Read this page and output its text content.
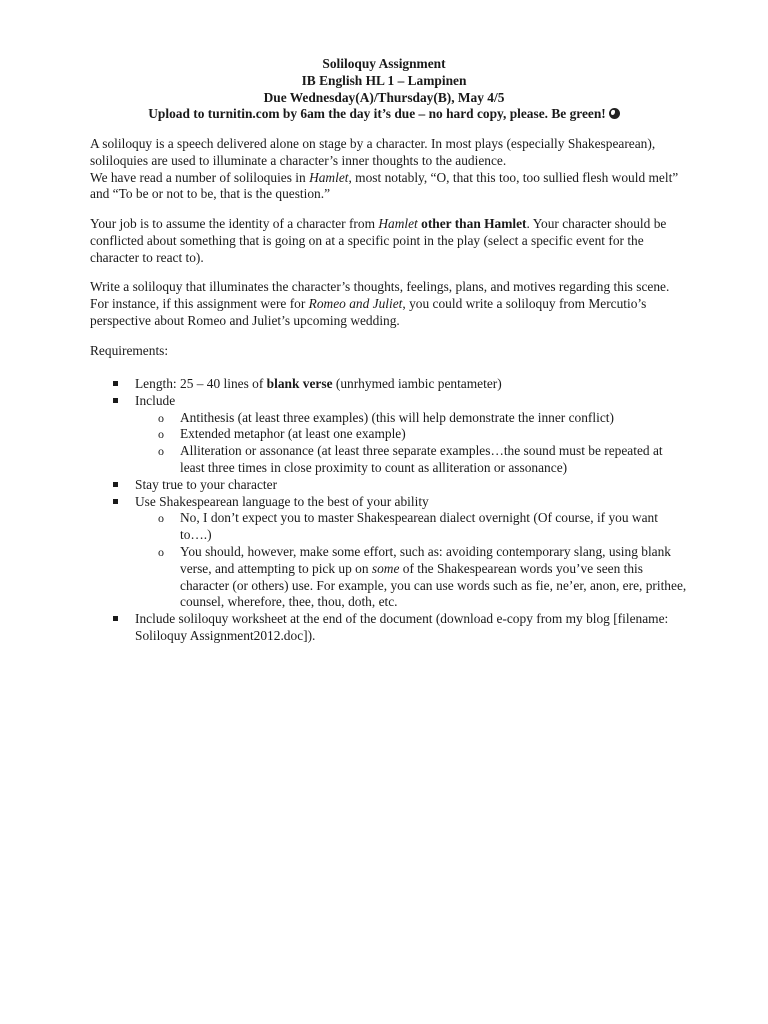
Soliloquy Assignment
IB English HL 1 – Lampinen
Due Wednesday(A)/Thursday(B), May 4/5
Upload to turnitin.com by 6am the day it’s due – no hard copy, please. Be green!

A soliloquy is a speech delivered alone on stage by a character. In most plays (especially Shakespearean), soliloquies are used to illuminate a character’s inner thoughts to the audience.

We have read a number of soliloquies in Hamlet, most notably, “O, that this too, too sullied flesh would melt” and “To be or not to be, that is the question.”

Your job is to assume the identity of a character from Hamlet other than Hamlet. Your character should be conflicted about something that is going on at a specific point in the play (select a specific event for the character to react to).

Write a soliloquy that illuminates the character’s thoughts, feelings, plans, and motives regarding this scene. For instance, if this assignment were for Romeo and Juliet, you could write a soliloquy from Mercutio’s perspective about Romeo and Juliet’s upcoming wedding.

Requirements:
Length: 25 – 40 lines of blank verse (unrhymed iambic pentameter)
Include
o Antithesis (at least three examples) (this will help demonstrate the inner conflict)
o Extended metaphor (at least one example)
o Alliteration or assonance (at least three separate examples…the sound must be repeated at least three times in close proximity to count as alliteration or assonance)
Stay true to your character
Use Shakespearean language to the best of your ability
o No, I don’t expect you to master Shakespearean dialect overnight (Of course, if you want to….)
o You should, however, make some effort, such as: avoiding contemporary slang, using blank verse, and attempting to pick up on some of the Shakespearean words you’ve seen this character (or others) use. For example, you can use words such as fie, ne’er, anon, ere, prithee, counsel, wherefore, thee, thou, doth, etc.
Include soliloquy worksheet at the end of the document (download e-copy from my blog [filename: Soliloquy Assignment2012.doc]).
